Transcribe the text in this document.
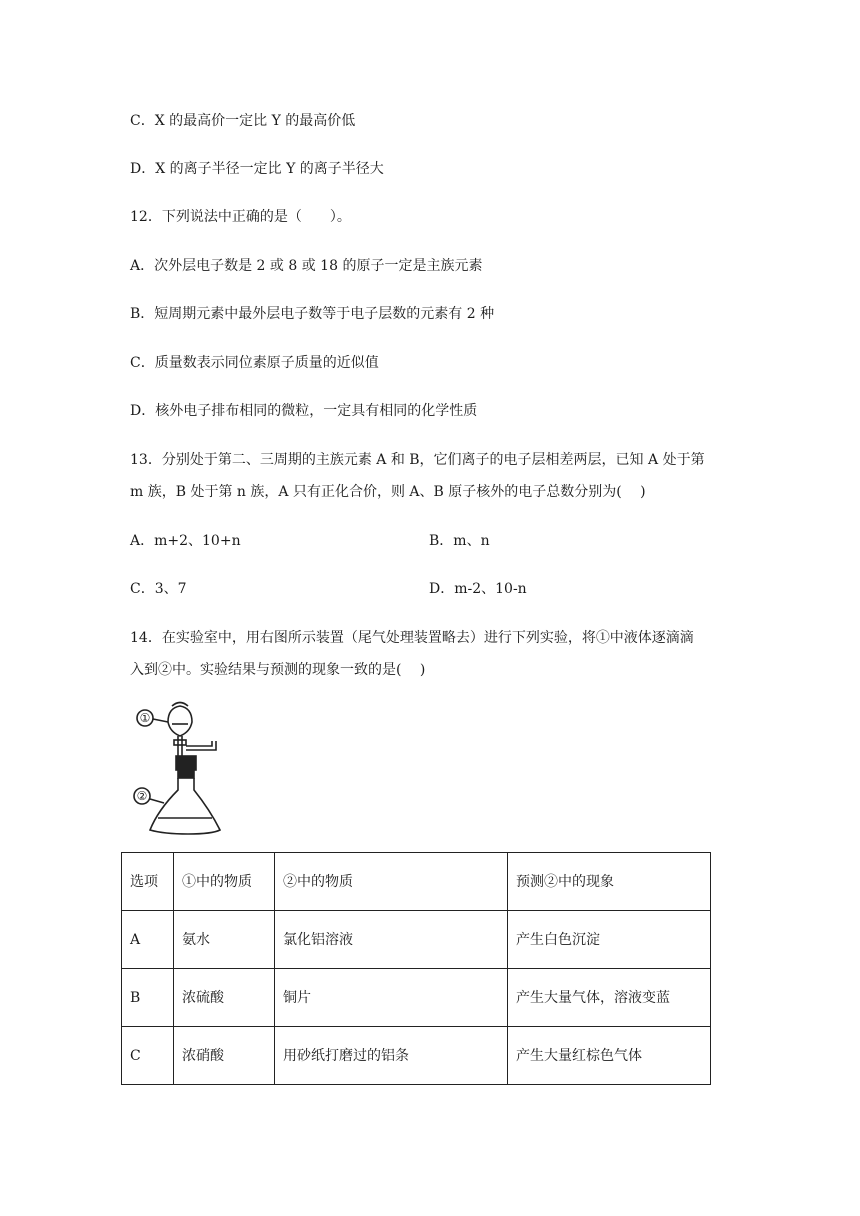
C．X 的最高价一定比 Y 的最高价低
D．X 的离子半径一定比 Y 的离子半径大
12．下列说法中正确的是（　　）。
A．次外层电子数是 2 或 8 或 18 的原子一定是主族元素
B．短周期元素中最外层电子数等于电子层数的元素有 2 种
C．质量数表示同位素原子质量的近似值
D．核外电子排布相同的微粒，一定具有相同的化学性质
13．分别处于第二、三周期的主族元素 A 和 B，它们离子的电子层相差两层，已知 A 处于第
m 族，B 处于第 n 族，A 只有正化合价，则 A、B 原子核外的电子总数分别为(　 )
A．m+2、10+n	B．m、n
C．3、7	D．m-2、10-n
14．在实验室中，用右图所示装置（尾气处理装置略去）进行下列实验，将①中液体逐滴滴
入到②中。实验结果与预测的现象一致的是(　 )
①
②
选项	①中的物质	②中的物质	预测②中的现象
A	氨水	氯化铝溶液	产生白色沉淀
B	浓硫酸	铜片	产生大量气体，溶液变蓝
C	浓硝酸	用砂纸打磨过的铝条	产生大量红棕色气体
